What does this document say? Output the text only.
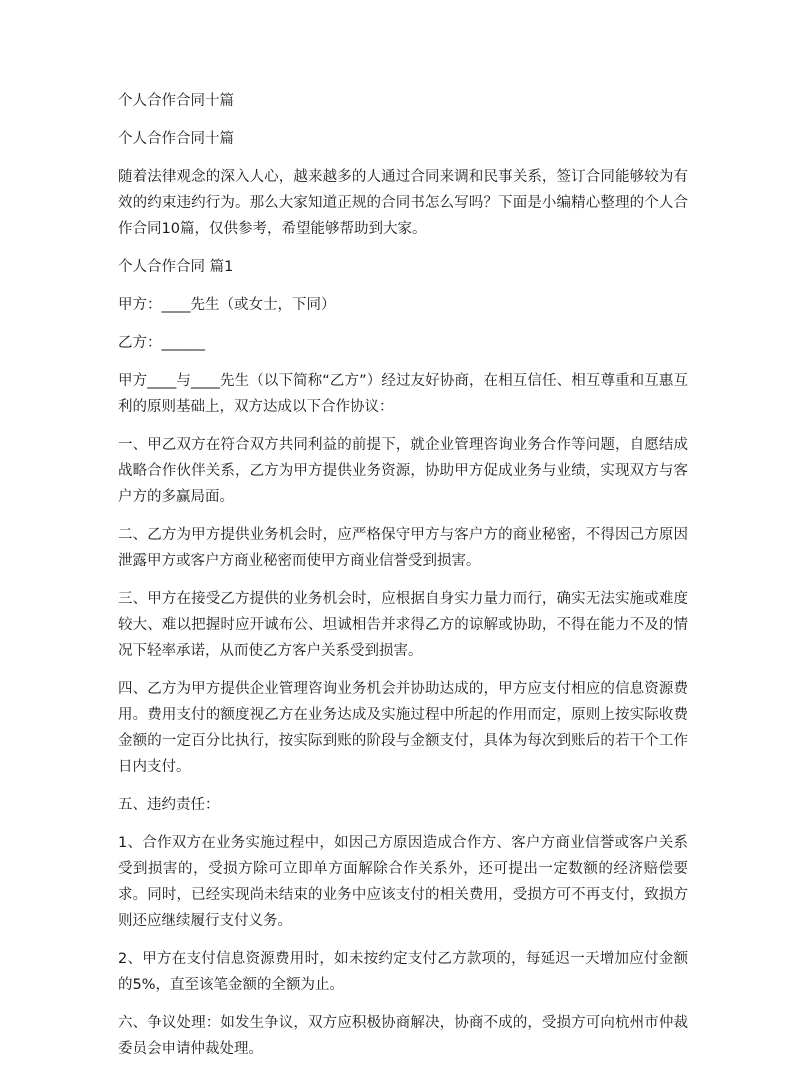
个人合作合同十篇

个人合作合同十篇

随着法律观念的深入人心，越来越多的人通过合同来调和民事关系，签订合同能够较为有效的约束违约行为。那么大家知道正规的合同书怎么写吗？下面是小编精心整理的个人合作合同10篇，仅供参考，希望能够帮助到大家。

个人合作合同 篇1

甲方：____先生（或女士，下同）

乙方：______

甲方____与____先生（以下简称“乙方”）经过友好协商，在相互信任、相互尊重和互惠互利的原则基础上，双方达成以下合作协议：

一、甲乙双方在符合双方共同利益的前提下，就企业管理咨询业务合作等问题，自愿结成战略合作伙伴关系，乙方为甲方提供业务资源，协助甲方促成业务与业绩，实现双方与客户方的多赢局面。

二、乙方为甲方提供业务机会时，应严格保守甲方与客户方的商业秘密，不得因己方原因泄露甲方或客户方商业秘密而使甲方商业信誉受到损害。

三、甲方在接受乙方提供的业务机会时，应根据自身实力量力而行，确实无法实施或难度较大、难以把握时应开诚布公、坦诚相告并求得乙方的谅解或协助，不得在能力不及的情况下轻率承诺，从而使乙方客户关系受到损害。

四、乙方为甲方提供企业管理咨询业务机会并协助达成的，甲方应支付相应的信息资源费用。费用支付的额度视乙方在业务达成及实施过程中所起的作用而定，原则上按实际收费金额的一定百分比执行，按实际到账的阶段与金额支付，具体为每次到账后的若干个工作日内支付。

五、违约责任：

1、合作双方在业务实施过程中，如因己方原因造成合作方、客户方商业信誉或客户关系受到损害的，受损方除可立即单方面解除合作关系外，还可提出一定数额的经济赔偿要求。同时，已经实现尚未结束的业务中应该支付的相关费用，受损方可不再支付，致损方则还应继续履行支付义务。

2、甲方在支付信息资源费用时，如未按约定支付乙方款项的，每延迟一天增加应付金额的5%，直至该笔金额的全额为止。

六、争议处理：如发生争议，双方应积极协商解决，协商不成的，受损方可向杭州市仲裁委员会申请仲裁处理。
